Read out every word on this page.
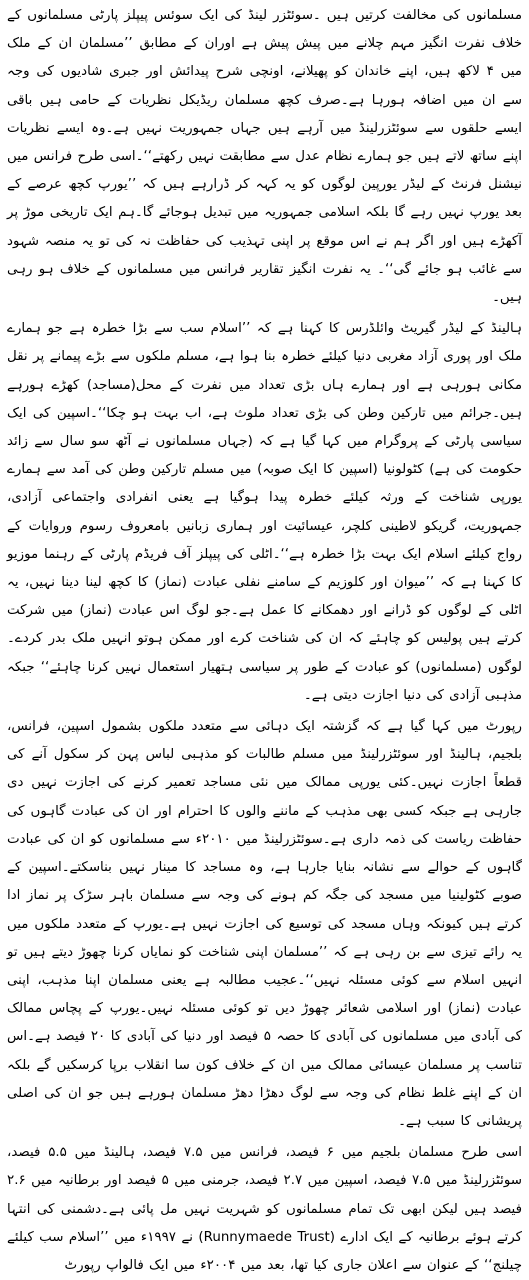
مسلمانوں کی مخالفت کرتیں ہیں ۔سوئٹزر لینڈ کی ایک سوئس پیپلز پارٹی مسلمانوں کے خلاف نفرت انگیز مہم چلانے میں پیش پیش ہے اوران کے مطابق ’’مسلمان ان کے ملک میں ۴ لاکھ ہیں، اپنے خاندان کو پھیلانے، اونچی شرح پیدائش اور جبری شادیوں کی وجہ سے ان میں اضافہ ہورہا ہے۔صرف کچھ مسلمان ریڈیکل نظریات کے حامی ہیں باقی ایسے حلقوں سے سوئٹزرلینڈ میں آرہے ہیں جہاں جمہوریت نہیں ہے۔وہ ایسے نظریات اپنے ساتھ لاتے ہیں جو ہمارے نظام عدل سے مطابقت نہیں رکھتے‘‘۔اسی طرح فرانس میں نیشنل فرنٹ کے لیڈر یورپین لوگوں کو یہ کہہ کر ڈرارہے ہیں کہ ’’یورپ کچھ عرصے کے بعد یورپ نہیں رہے گا بلکہ اسلامی جمہوریہ میں تبدیل ہوجائے گا۔ہم ایک تاریخی موڑ پر آکھڑے ہیں اور اگر ہم نے اس موقع پر اپنی تہذیب کی حفاظت نہ کی تو یہ منصہ شہود سے غائب ہو جائے گی‘‘۔ یہ نفرت انگیز تقاریر فرانس میں مسلمانوں کے خلاف ہو رہی ہیں۔

ہالینڈ کے لیڈر گیریٹ وائلڈرس کا کہنا ہے کہ ’’اسلام سب سے بڑا خطرہ ہے جو ہمارے ملک اور پوری آزاد مغربی دنیا کیلئے خطرہ بنا ہوا ہے، مسلم ملکوں سے بڑے پیمانے پر نقل مکانی ہورہی ہے اور ہمارے ہاں بڑی تعداد میں نفرت کے محل(مساجد) کھڑے ہورہے ہیں۔جرائم میں تارکین وطن کی بڑی تعداد ملوث ہے، اب بہت ہو چکا‘‘۔اسپین کی ایک سیاسی پارٹی کے پروگرام میں کہا گیا ہے کہ (جہاں مسلمانوں نے آٹھ سو سال سے زائد حکومت کی ہے) کٹولونیا (اسپین کا ایک صوبہ) میں مسلم تارکین وطن کی آمد سے ہمارے یورپی شناخت کے ورثہ کیلئے خطرہ پیدا ہوگیا ہے یعنی انفرادی واجتماعی آزادی، جمہوریت، گریکو لاطینی کلچر، عیسائیت اور ہماری زبانیں بامعروف رسوم وروایات کے رواج کیلئے اسلام ایک بہت بڑا خطرہ ہے‘‘۔اٹلی کی پیپلز آف فریڈم پارٹی کے رہنما موزیو کا کہنا ہے کہ ’’میوان اور کلوزیم کے سامنے نفلی عبادت (نماز) کا کچھ لینا دینا نہیں، یہ اٹلی کے لوگوں کو ڈرانے اور دھمکانے کا عمل ہے۔جو لوگ اس عبادت (نماز) میں شرکت کرتے ہیں پولیس کو چاہئے کہ ان کی شناخت کرے اور ممکن ہوتو انہیں ملک بدر کردے۔لوگوں (مسلمانوں) کو عبادت کے طور پر سیاسی ہتھیار استعمال نہیں کرنا چاہئے‘‘ جبکہ مذہبی آزادی کی دنیا اجازت دیتی ہے۔

رپورٹ میں کہا گیا ہے کہ گزشتہ ایک دہائی سے متعدد ملکوں بشمول اسپین، فرانس، بلجیم، ہالینڈ اور سوئٹزرلینڈ میں مسلم طالبات کو مذہبی لباس پہن کر سکول آنے کی قطعاً اجازت نہیں۔کئی یورپی ممالک میں نئی مساجد تعمیر کرنے کی اجازت نہیں دی جارہی ہے جبکہ کسی بھی مذہب کے ماننے والوں کا احترام اور ان کی عبادت گاہوں کی حفاظت ریاست کی ذمہ داری ہے۔سوئٹزرلینڈ میں ۲۰۱۰ء سے مسلمانوں کو ان کی عبادت گاہوں کے حوالے سے نشانہ بنایا جارہا ہے، وہ مساجد کا مینار نہیں بناسکتے۔اسپین کے صوبے کٹولینیا میں مسجد کی جگہ کم ہونے کی وجہ سے مسلمان باہر سڑک پر نماز ادا کرتے ہیں کیونکہ وہاں مسجد کی توسیع کی اجازت نہیں ہے۔یورپ کے متعدد ملکوں میں یہ رائے تیزی سے بن رہی ہے کہ ’’مسلمان اپنی شناخت کو نمایاں کرنا چھوڑ دیتے ہیں تو انہیں اسلام سے کوئی مسئلہ نہیں‘‘۔عجیب مطالبہ ہے یعنی مسلمان اپنا مذہب، اپنی عبادت (نماز) اور اسلامی شعائر چھوڑ دیں تو کوئی مسئلہ نہیں۔یورپ کے پچاس ممالک کی آبادی میں مسلمانوں کی آبادی کا حصہ ۵ فیصد اور دنیا کی آبادی کا ۲۰ فیصد ہے۔اس تناسب پر مسلمان عیسائی ممالک میں ان کے خلاف کون سا انقلاب برپا کرسکیں گے بلکہ ان کے اپنے غلط نظام کی وجہ سے لوگ دھڑا دھڑ مسلمان ہورہے ہیں جو ان کی اصلی پریشانی کا سبب ہے۔

اسی طرح مسلمان بلجیم میں ۶ فیصد، فرانس میں ۷.۵ فیصد، ہالینڈ میں ۵.۵ فیصد، سوئٹزرلینڈ میں ۷.۵ فیصد، اسپین میں ۲.۷ فیصد، جرمنی میں ۵ فیصد اور برطانیہ میں ۲.۶ فیصد ہیں لیکن ابھی تک تمام مسلمانوں کو شہریت نہیں مل پائی ہے۔دشمنی کی انتہا کرتے ہوئے برطانیہ کے ایک ادارے (Runnymaede Trust) نے ۱۹۹۷ء میں ’’اسلام سب کیلئے چیلنج‘‘ کے عنوان سے اعلان جاری کیا تھا، بعد میں ۲۰۰۴ء میں ایک فالواپ رپورٹ
